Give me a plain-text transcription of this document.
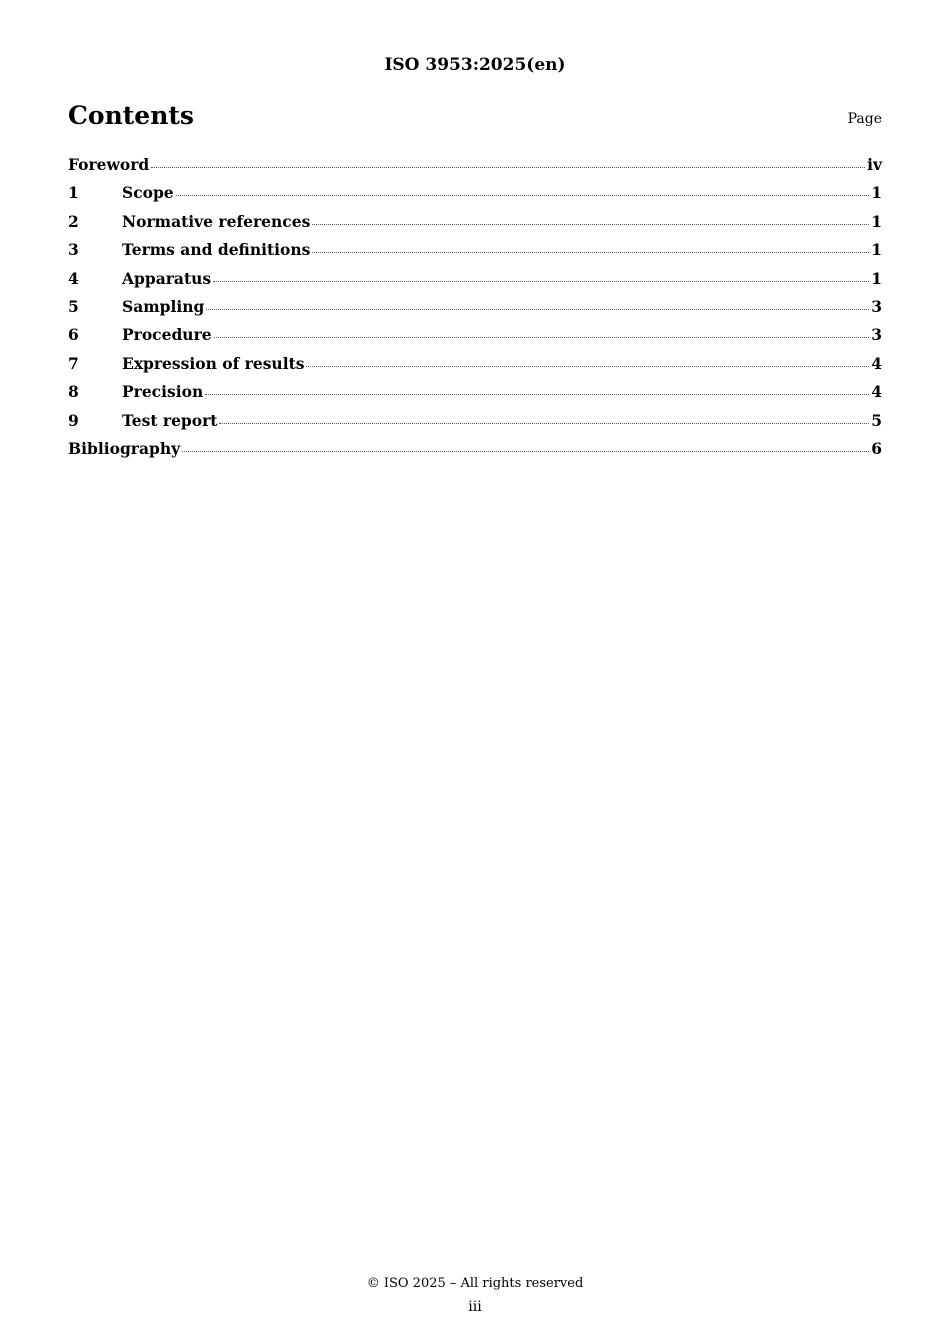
ISO 3953:2025(en)
Contents	Page
Foreword	iv
1	Scope	1
2	Normative references	1
3	Terms and definitions	1
4	Apparatus	1
5	Sampling	3
6	Procedure	3
7	Expression of results	4
8	Precision	4
9	Test report	5
Bibliography	6
© ISO 2025 – All rights reserved
iii
